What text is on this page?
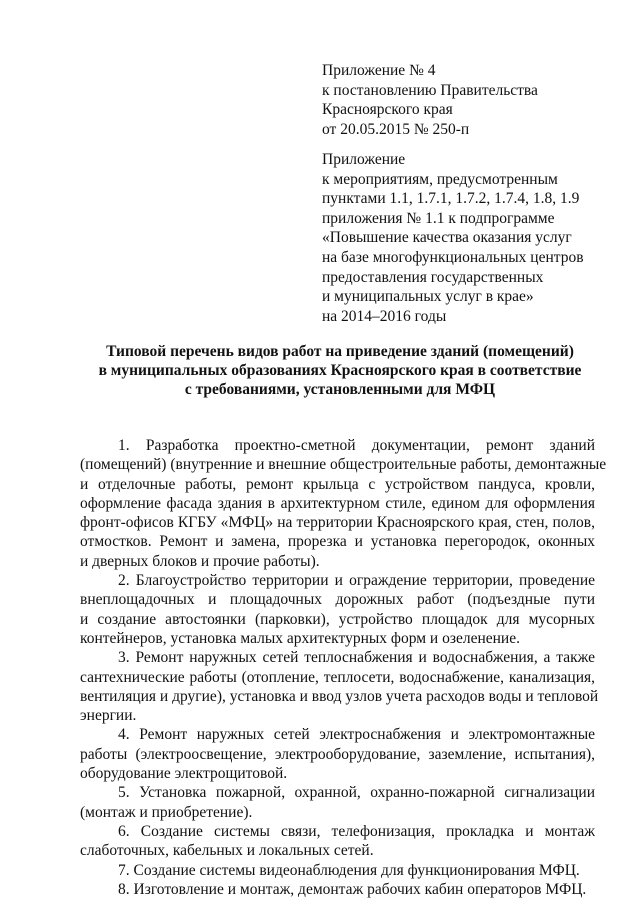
Приложение № 4
к постановлению Правительства
Красноярского края
от 20.05.2015 № 250-п
Приложение
к мероприятиям, предусмотренным
пунктами 1.1, 1.7.1, 1.7.2, 1.7.4, 1.8, 1.9
приложения № 1.1 к подпрограмме
«Повышение качества оказания услуг
на базе многофункциональных центров
предоставления государственных
и муниципальных услуг в крае»
на 2014–2016 годы
Типовой перечень видов работ на приведение зданий (помещений)
в муниципальных образованиях Красноярского края в соответствие
с требованиями, установленными для МФЦ

1. Разработка проектно-сметной документации, ремонт зданий
(помещений) (внутренние и внешние общестроительные работы, демонтажные
и отделочные работы, ремонт крыльца с устройством пандуса, кровли,
оформление фасада здания в архитектурном стиле, едином для оформления
фронт-офисов КГБУ «МФЦ» на территории Красноярского края, стен, полов,
отмостков. Ремонт и замена, прорезка и установка перегородок, оконных
и дверных блоков и прочие работы).

2. Благоустройство территории и ограждение территории, проведение
внеплощадочных и площадочных дорожных работ (подъездные пути
и создание автостоянки (парковки), устройство площадок для мусорных
контейнеров, установка малых архитектурных форм и озеленение.

3. Ремонт наружных сетей теплоснабжения и водоснабжения, а также
сантехнические работы (отопление, теплосети, водоснабжение, канализация,
вентиляция и другие), установка и ввод узлов учета расходов воды и тепловой
энергии.

4. Ремонт наружных сетей электроснабжения и электромонтажные
работы (электроосвещение, электрооборудование, заземление, испытания),
оборудование электрощитовой.

5. Установка пожарной, охранной, охранно-пожарной сигнализации
(монтаж и приобретение).

6. Создание системы связи, телефонизация, прокладка и монтаж
слаботочных, кабельных и локальных сетей.

7. Создание системы видеонаблюдения для функционирования МФЦ.

8. Изготовление и монтаж, демонтаж рабочих кабин операторов МФЦ.
